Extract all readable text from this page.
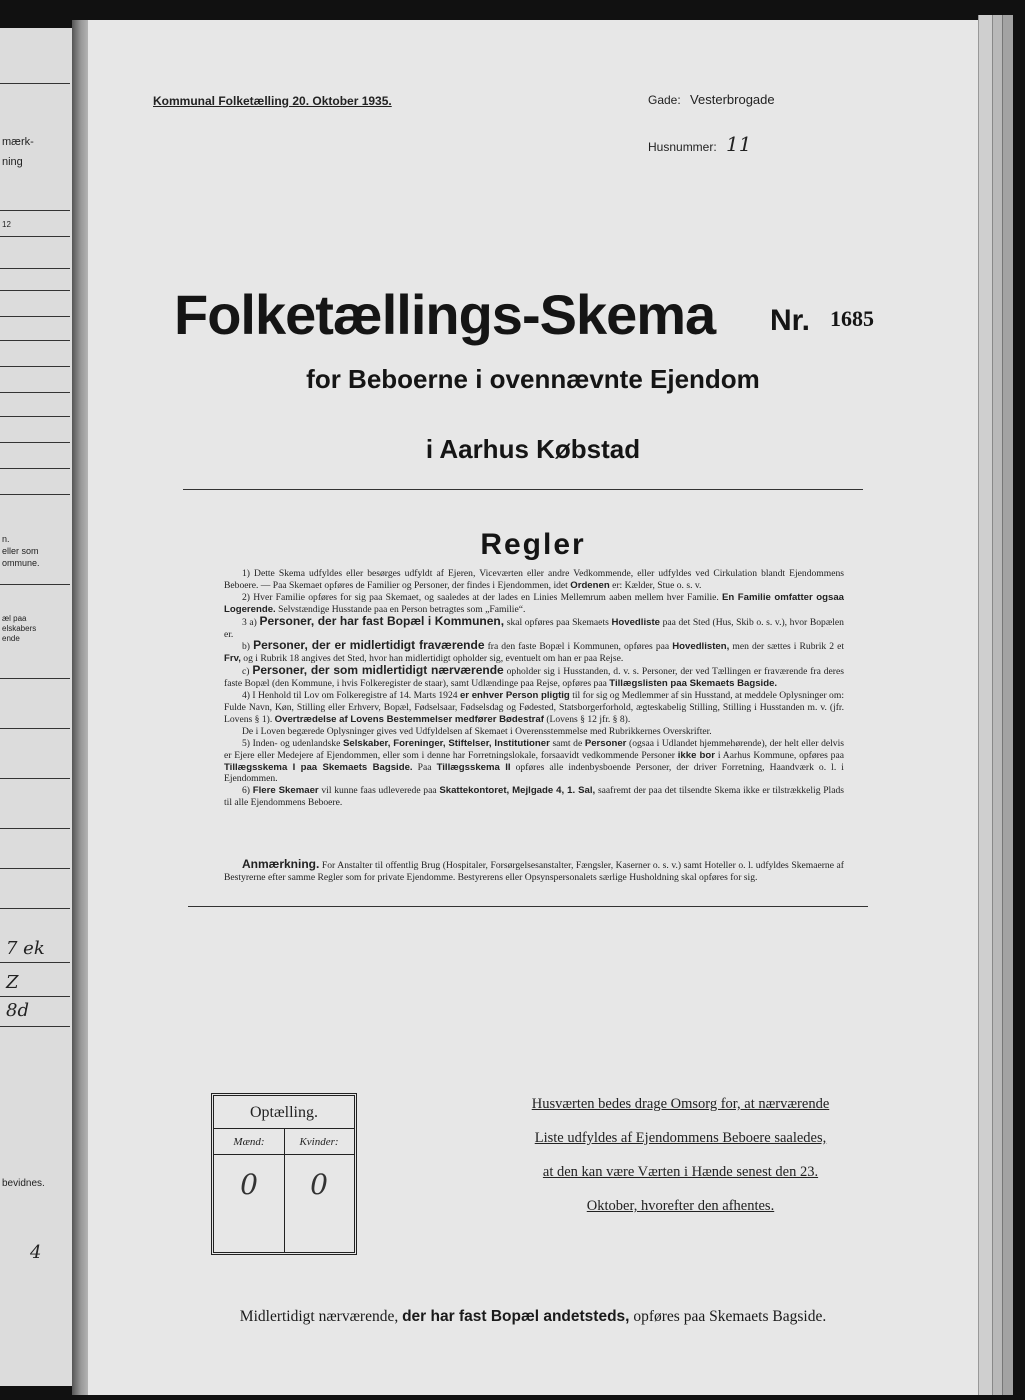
mærk-
ning
12
n.
eller som
ommune.
æl paa
elskabers
ende
7 ek
Z
8d
bevidnes.
4
Kommunal Folketælling 20. Oktober 1935.	Gade: Vesterbrogade
Husnummer: 11
Folketællings-Skema Nr. 1685
for Beboerne i ovennævnte Ejendom
i Aarhus Købstad
Regler

1) Dette Skema udfyldes eller besørges udfyldt af Ejeren, Viceværten eller andre Vedkommende, eller udfyldes ved Cirkulation blandt Ejendommens Beboere. — Paa Skemaet opføres de Familier og Personer, der findes i Ejendommen, idet Ordenen er: Kælder, Stue o. s. v.

2) Hver Familie opføres for sig paa Skemaet, og saaledes at der lades en Linies Mellemrum aaben mellem hver Familie. En Familie omfatter ogsaa Logerende. Selvstændige Husstande paa en Person betragtes som „Familie“.

3 a) Personer, der har fast Bopæl i Kommunen, skal opføres paa Skemaets Hovedliste paa det Sted (Hus, Skib o. s. v.), hvor Bopælen er.

b) Personer, der er midlertidigt fraværende fra den faste Bopæl i Kommunen, opføres paa Hovedlisten, men der sættes i Rubrik 2 et Frv, og i Rubrik 18 angives det Sted, hvor han midlertidigt opholder sig, eventuelt om han er paa Rejse.

c) Personer, der som midlertidigt nærværende opholder sig i Husstanden, d. v. s. Personer, der ved Tællingen er fraværende fra deres faste Bopæl (den Kommune, i hvis Folkeregister de staar), samt Udlændinge paa Rejse, opføres paa Tillægslisten paa Skemaets Bagside.

4) I Henhold til Lov om Folkeregistre af 14. Marts 1924 er enhver Person pligtig til for sig og Medlemmer af sin Husstand, at meddele Oplysninger om: Fulde Navn, Køn, Stilling eller Erhverv, Bopæl, Fødselsaar, Fødselsdag og Fødested, Statsborgerforhold, ægteskabelig Stilling, Stilling i Husstanden m. v. (jfr. Lovens § 1). Overtrædelse af Lovens Bestemmelser medfører Bødestraf (Lovens § 12 jfr. § 8).

De i Loven begærede Oplysninger gives ved Udfyldelsen af Skemaet i Overensstemmelse med Rubrikkernes Overskrifter.

5) Inden- og udenlandske Selskaber, Foreninger, Stiftelser, Institutioner samt de Personer (ogsaa i Udlandet hjemmehørende), der helt eller delvis er Ejere eller Medejere af Ejendommen, eller som i denne har Forretningslokale, forsaavidt vedkommende Personer ikke bor i Aarhus Kommune, opføres paa Tillægsskema I paa Skemaets Bagside. Paa Tillægsskema II opføres alle indenbysboende Personer, der driver Forretning, Haandværk o. l. i Ejendommen.

6) Flere Skemaer vil kunne faas udleverede paa Skattekontoret, Mejlgade 4, 1. Sal, saafremt der paa det tilsendte Skema ikke er tilstrækkelig Plads til alle Ejendommens Beboere.

Anmærkning. For Anstalter til offentlig Brug (Hospitaler, Forsørgelsesanstalter, Fængsler, Kaserner o. s. v.) samt Hoteller o. l. udfyldes Skemaerne af Bestyrerne efter samme Regler som for private Ejendomme. Bestyrerens eller Opsynspersonalets særlige Husholdning skal opføres for sig.
Optælling.
Mænd:	Kvinder:
0	0
Husværten bedes drage Omsorg for, at nærværende
Liste udfyldes af Ejendommens Beboere saaledes,
at den kan være Værten i Hænde senest den 23.
Oktober, hvorefter den afhentes.
Midlertidigt nærværende, der har fast Bopæl andetsteds, opføres paa Skemaets Bagside.
